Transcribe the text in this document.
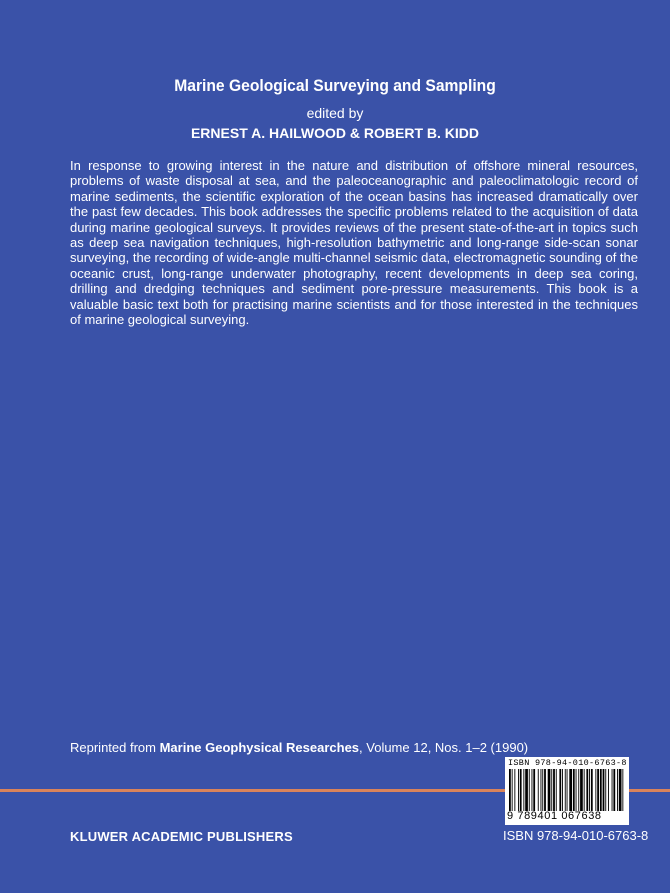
Marine Geological Surveying and Sampling
edited by
ERNEST A. HAILWOOD & ROBERT B. KIDD

In response to growing interest in the nature and distribution of offshore mineral resources, problems of waste disposal at sea, and the paleoceanographic and paleoclimatologic record of marine sediments, the scientific exploration of the ocean basins has increased dramatically over the past few decades. This book addresses the specific problems related to the acquisition of data during marine geological surveys. It provides reviews of the present state-of-the-art in topics such as deep sea navigation techniques, high-resolution bathymetric and long-range side-scan sonar surveying, the recording of wide-angle multi-channel seismic data, electromagnetic sounding of the oceanic crust, long-range underwater photography, recent developments in deep sea coring, drilling and dredging techniques and sediment pore-pressure measurements. This book is a valuable basic text both for practising marine scientists and for those interested in the techniques of marine geological surveying.

Reprinted from Marine Geophysical Researches, Volume 12, Nos. 1–2 (1990)
ISBN 978-94-010-6763-8
9 789401 067638
KLUWER ACADEMIC PUBLISHERS	ISBN 978-94-010-6763-8
